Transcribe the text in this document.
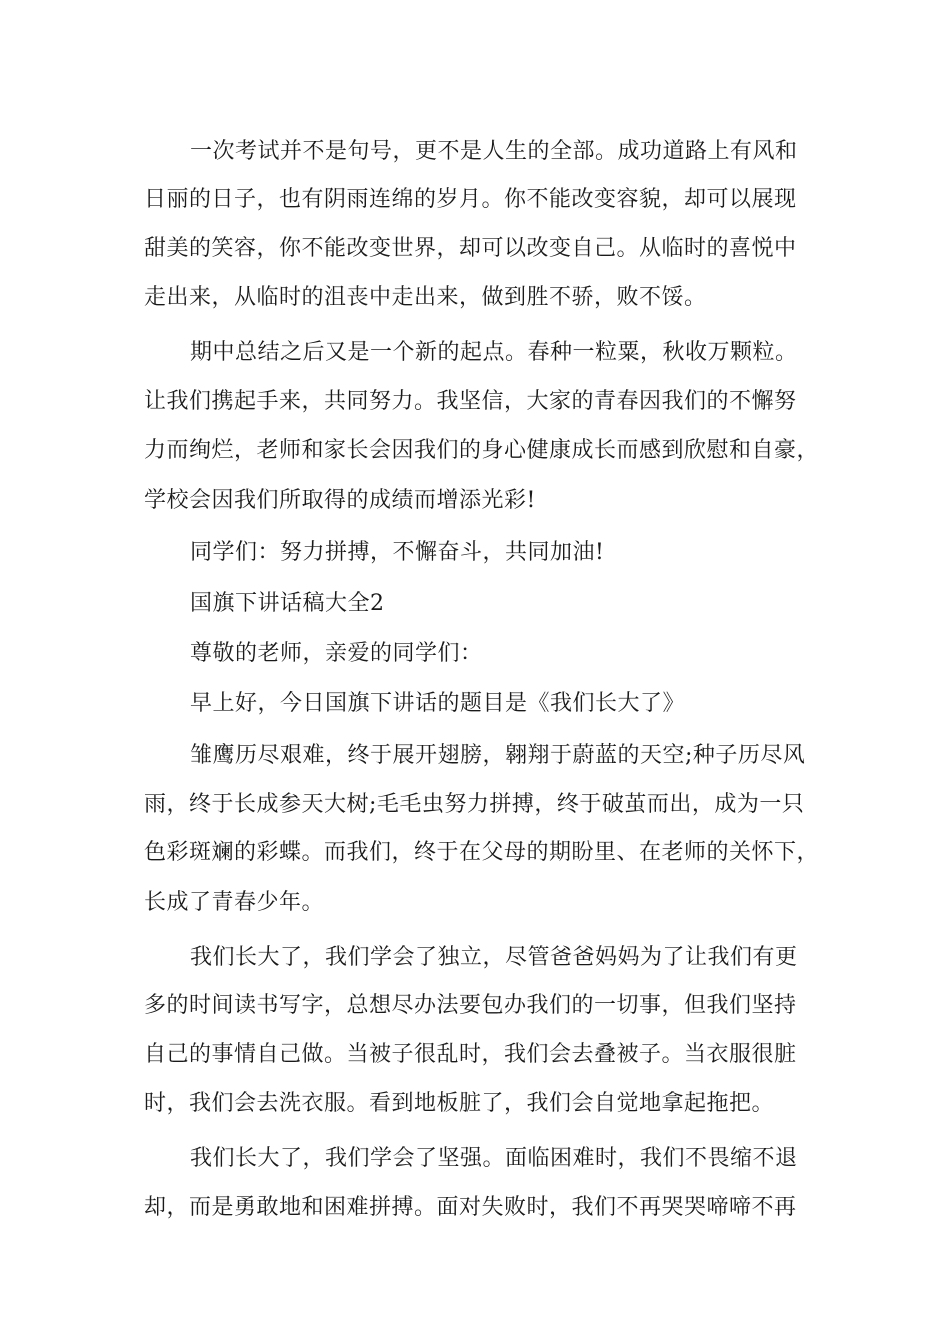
一次考试并不是句号，更不是人生的全部。成功道路上有风和
日丽的日子，也有阴雨连绵的岁月。你不能改变容貌，却可以展现
甜美的笑容，你不能改变世界，却可以改变自己。从临时的喜悦中
走出来，从临时的沮丧中走出来，做到胜不骄，败不馁。
期中总结之后又是一个新的起点。春种一粒粟，秋收万颗粒。
让我们携起手来，共同努力。我坚信，大家的青春因我们的不懈努
力而绚烂，老师和家长会因我们的身心健康成长而感到欣慰和自豪，
学校会因我们所取得的成绩而增添光彩!
同学们：努力拼搏，不懈奋斗，共同加油!
国旗下讲话稿大全2
尊敬的老师，亲爱的同学们：
早上好，今日国旗下讲话的题目是《我们长大了》
雏鹰历尽艰难，终于展开翅膀，翱翔于蔚蓝的天空;种子历尽风
雨，终于长成参天大树;毛毛虫努力拼搏，终于破茧而出，成为一只
色彩斑斓的彩蝶。而我们，终于在父母的期盼里、在老师的关怀下，
长成了青春少年。
我们长大了，我们学会了独立，尽管爸爸妈妈为了让我们有更
多的时间读书写字，总想尽办法要包办我们的一切事，但我们坚持
自己的事情自己做。当被子很乱时，我们会去叠被子。当衣服很脏
时，我们会去洗衣服。看到地板脏了，我们会自觉地拿起拖把。
我们长大了，我们学会了坚强。面临困难时，我们不畏缩不退
却，而是勇敢地和困难拼搏。面对失败时，我们不再哭哭啼啼不再
